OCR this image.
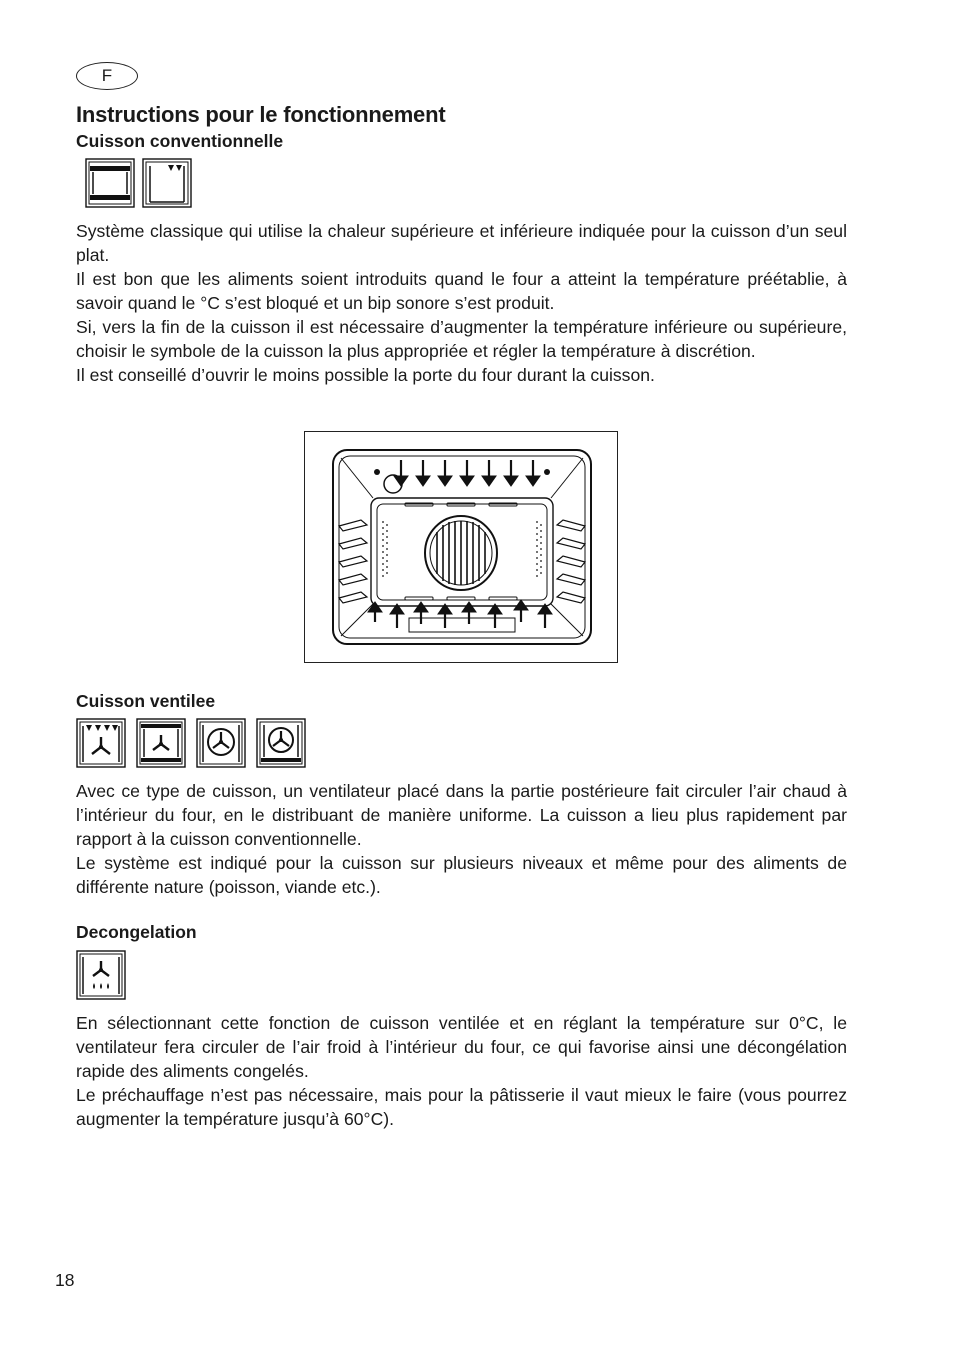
F
Instructions pour le fonctionnement
Cuisson conventionnelle

Système classique qui utilise la chaleur supérieure et inférieure indiquée pour la cuisson d’un seul plat.

Il est bon que les aliments soient introduits quand le four a atteint la température préétablie, à savoir quand le °C s’est bloqué et un bip sonore s’est produit.

Si, vers la fin de la cuisson il est nécessaire d’augmenter la température inférieure ou supérieure, choisir le symbole de la cuisson la plus appropriée et régler la température à discrétion.

Il est conseillé d’ouvrir le moins possible la porte du four durant la cuisson.

Cuisson ventilee

Avec ce type de cuisson, un ventilateur placé dans la partie postérieure fait circuler l’air chaud à l’intérieur du four, en le distribuant de manière uniforme. La cuisson a lieu plus rapidement par rapport à la cuisson conventionnelle.

Le système est indiqué pour la cuisson sur plusieurs niveaux et même pour des aliments de différente nature (poisson, viande etc.).

Decongelation

En sélectionnant cette fonction de cuisson ventilée et en réglant la température sur 0°C, le ventilateur fera circuler de l’air froid à l’intérieur du four, ce qui favorise ainsi une décongélation rapide des aliments congelés.

Le préchauffage n’est pas nécessaire, mais pour la pâtisserie il vaut mieux le faire (vous pourrez augmenter la température jusqu’à 60°C).

18
